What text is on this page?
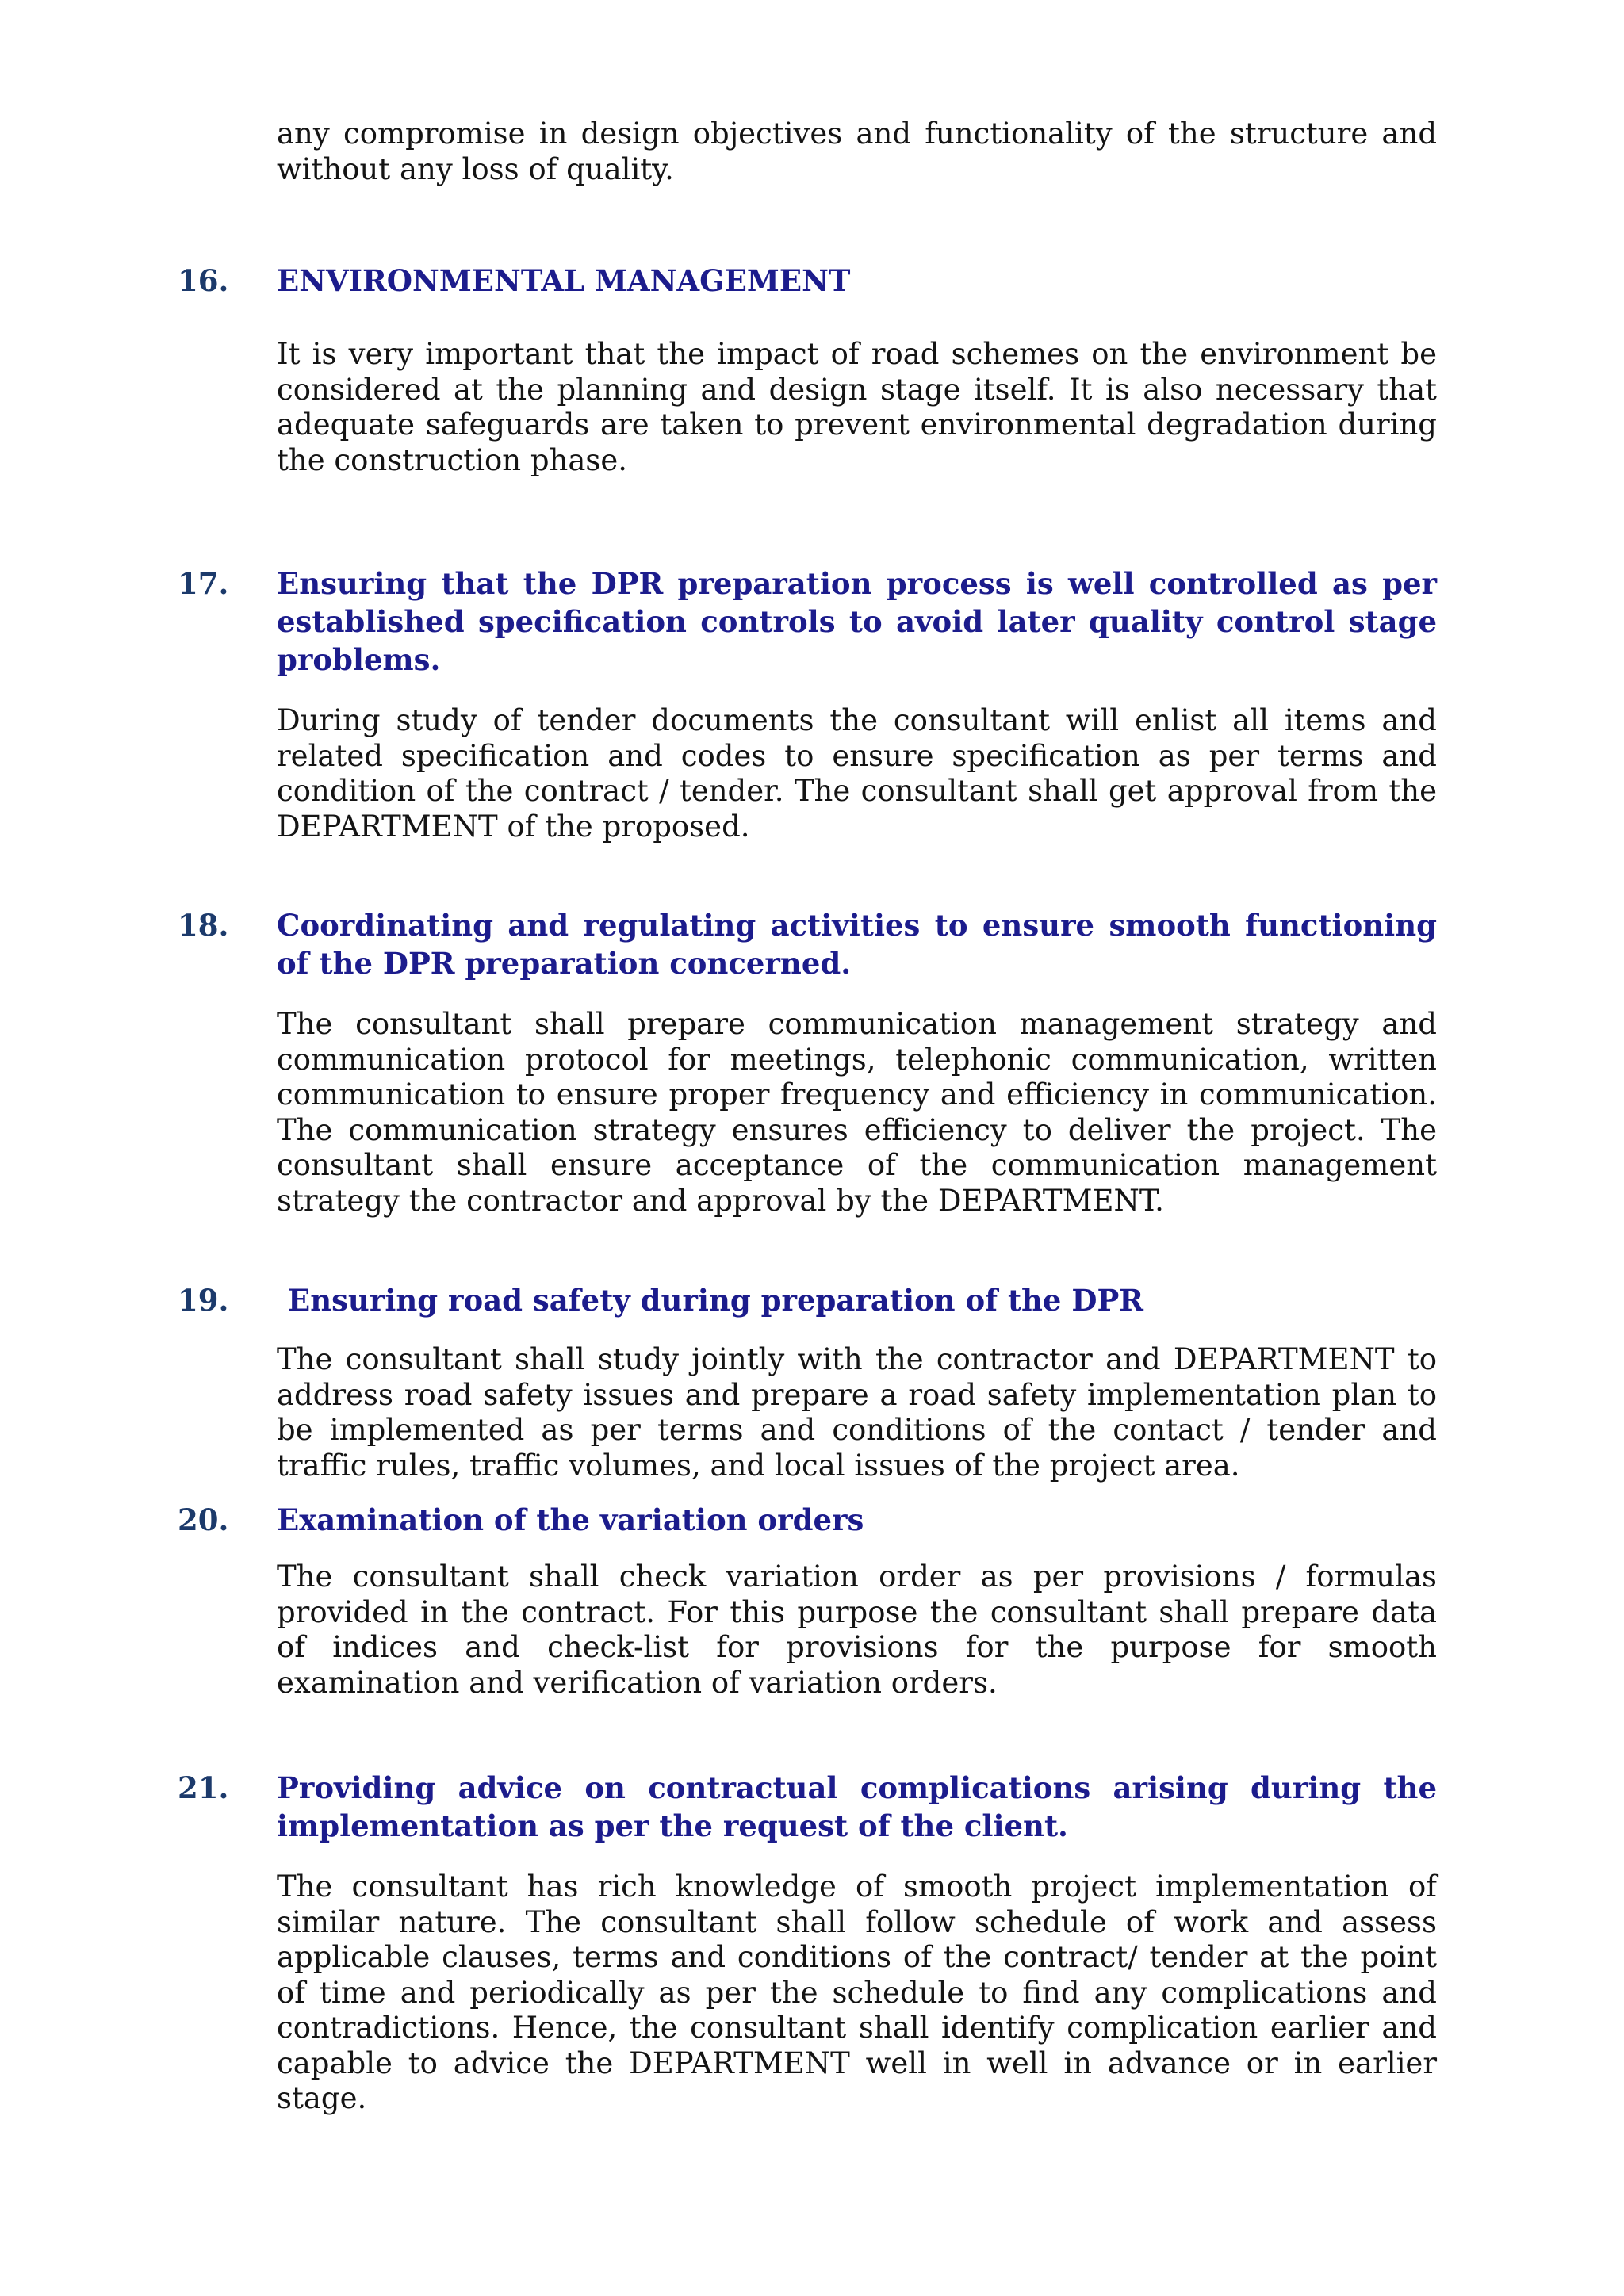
any compromise in design objectives and functionality of the structure and without any loss of quality.

16. ENVIRONMENTAL MANAGEMENT

It is very important that the impact of road schemes on the environment be considered at the planning and design stage itself. It is also necessary that adequate safeguards are taken to prevent environmental degradation during the construction phase.

17. Ensuring that the DPR preparation process is well controlled as per established specification controls to avoid later quality control stage problems.

During study of tender documents the consultant will enlist all items and related specification and codes to ensure specification as per terms and condition of the contract / tender. The consultant shall get approval from the DEPARTMENT of the proposed.

18. Coordinating and regulating activities to ensure smooth functioning of the DPR preparation concerned.

The consultant shall prepare communication management strategy and communication protocol for meetings, telephonic communication, written communication to ensure proper frequency and efficiency in communication. The communication strategy ensures efficiency to deliver the project. The consultant shall ensure acceptance of the communication management strategy the contractor and approval by the DEPARTMENT.

19.	Ensuring road safety during preparation of the DPR

The consultant shall study jointly with the contractor and DEPARTMENT to address road safety issues and prepare a road safety implementation plan to be implemented as per terms and conditions of the contact / tender and traffic rules, traffic volumes, and local issues of the project area.

20. Examination of the variation orders

The consultant shall check variation order as per provisions / formulas provided in the contract. For this purpose the consultant shall prepare data of indices and check-list for provisions for the purpose for smooth examination and verification of variation orders.

21. Providing advice on contractual complications arising during the implementation as per the request of the client.

The consultant has rich knowledge of smooth project implementation of similar nature. The consultant shall follow schedule of work and assess applicable clauses, terms and conditions of the contract/ tender at the point of time and periodically as per the schedule to find any complications and contradictions. Hence, the consultant shall identify complication earlier and capable to advice the DEPARTMENT well in well in advance or in earlier stage.
